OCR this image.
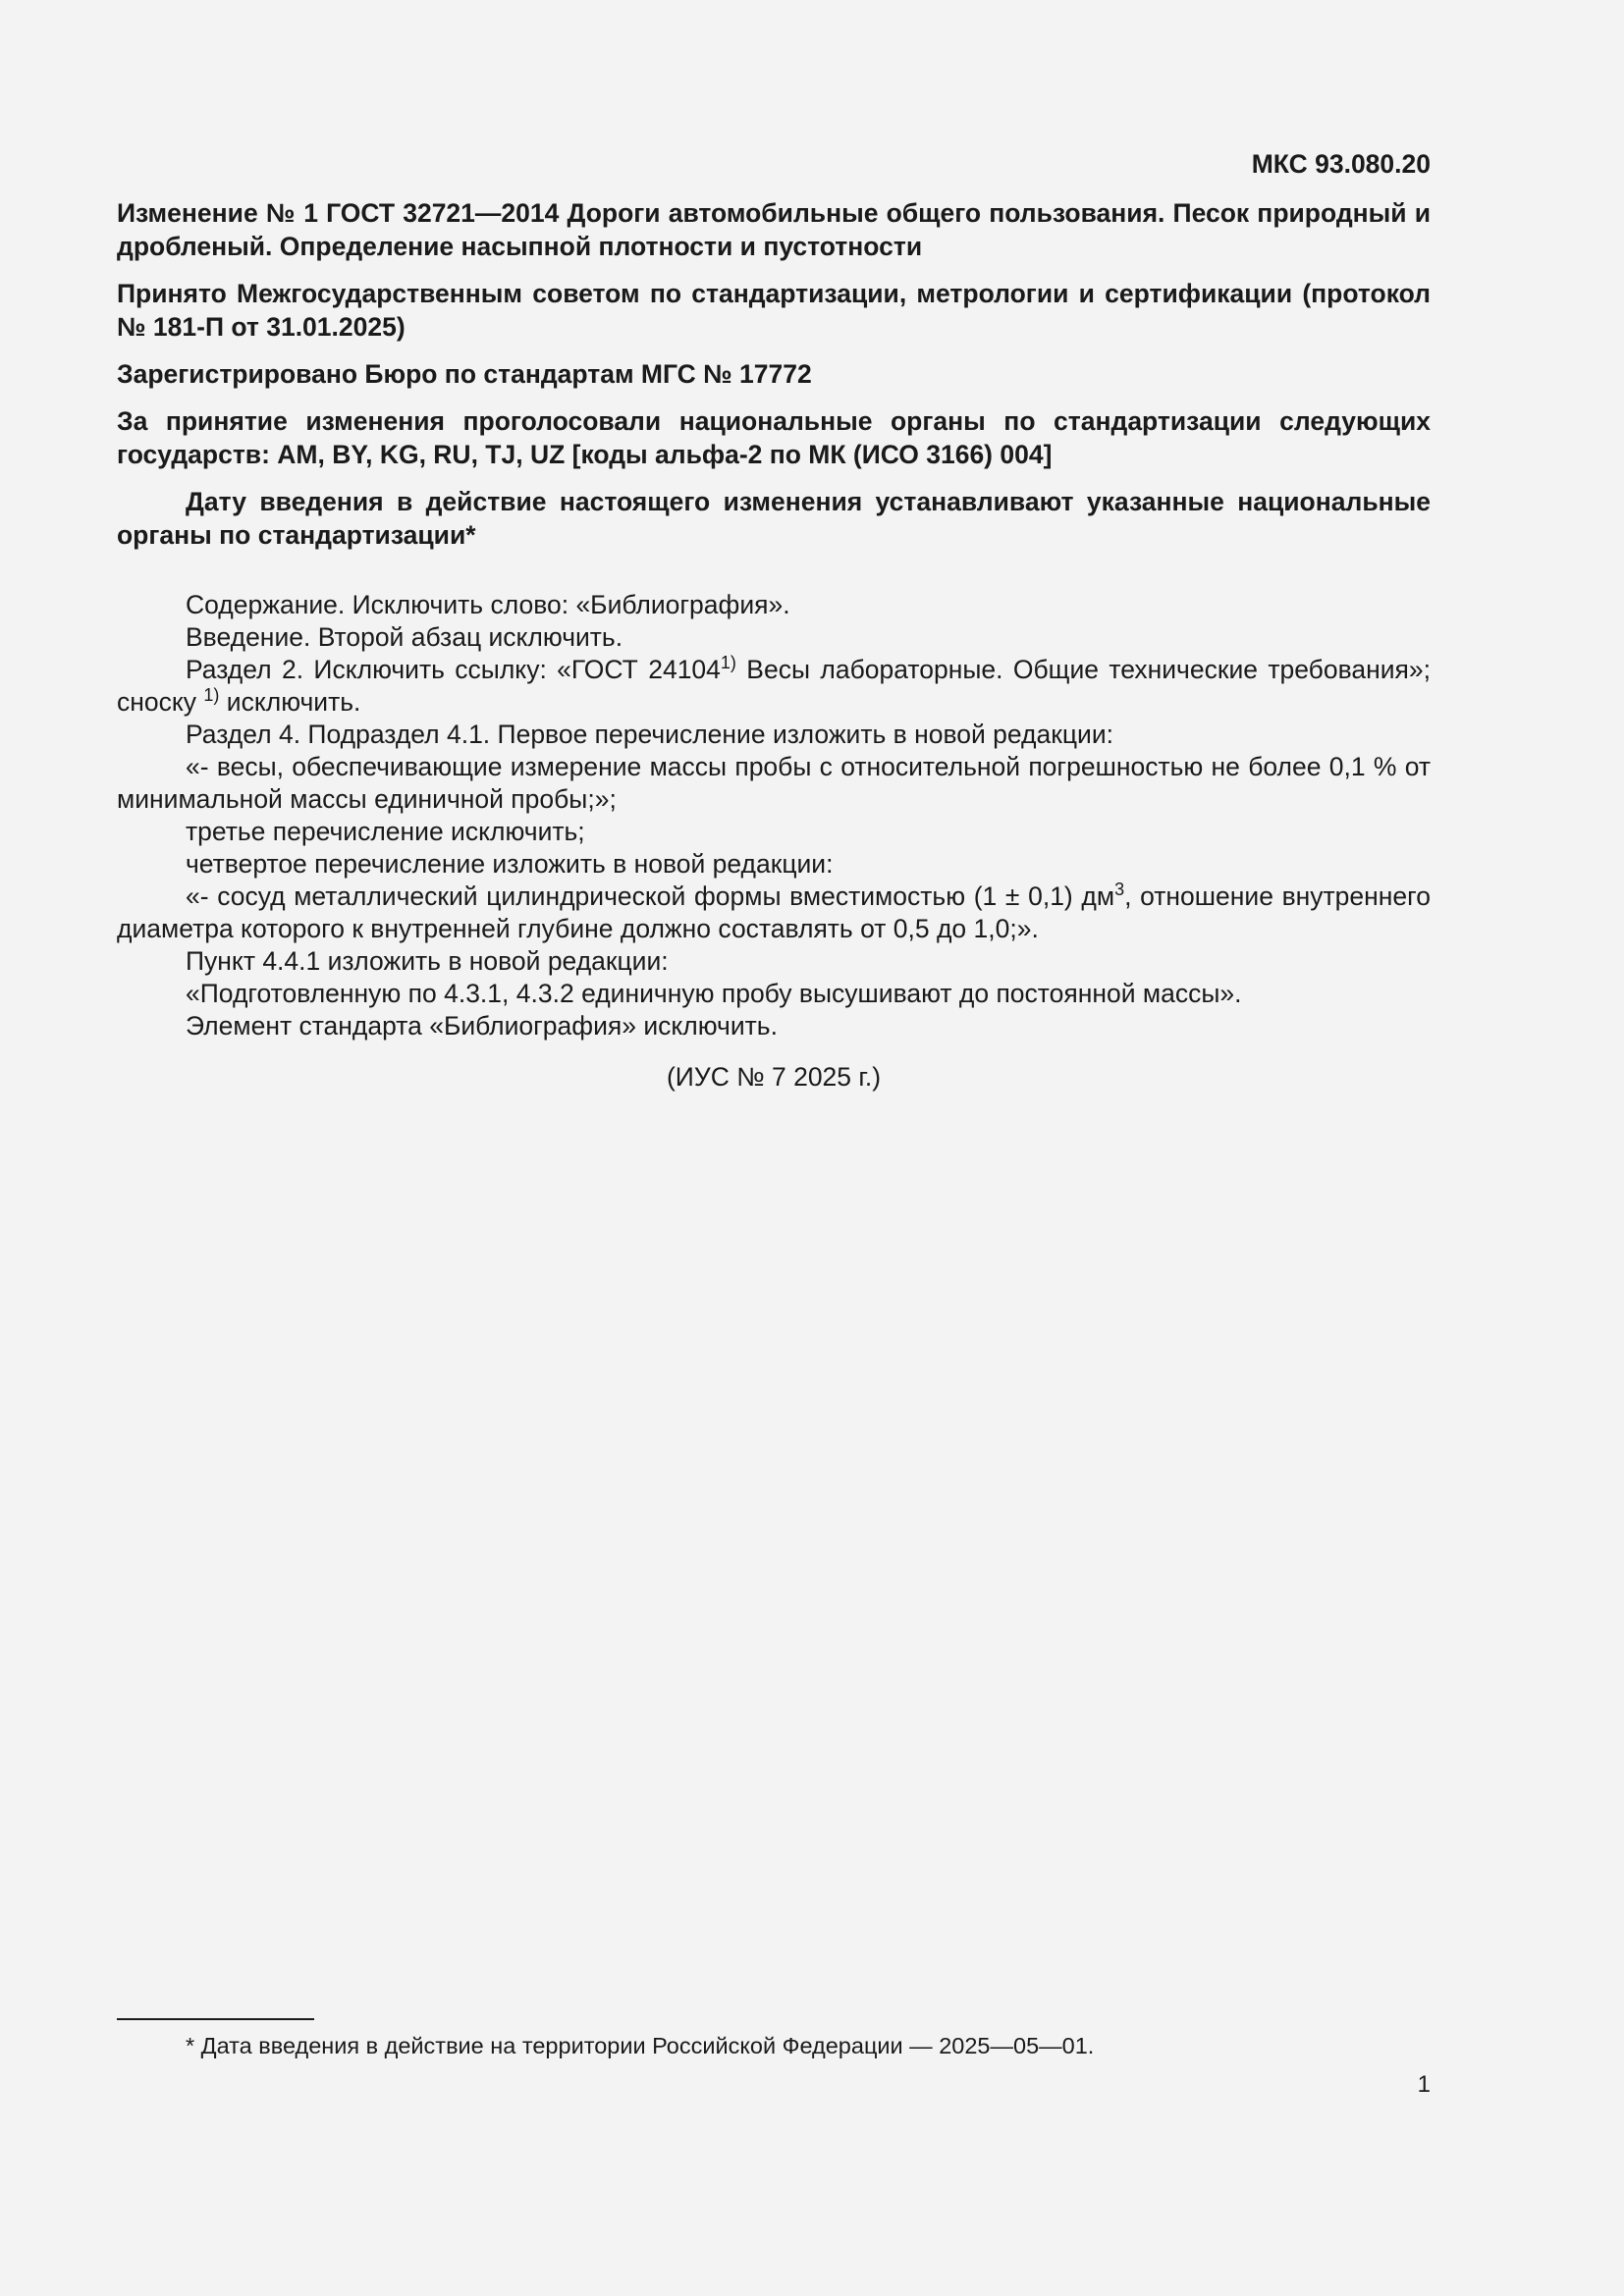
МКС 93.080.20

Изменение № 1 ГОСТ 32721—2014 Дороги автомобильные общего пользования. Песок природный и дробленый. Определение насыпной плотности и пустотности

Принято Межгосударственным советом по стандартизации, метрологии и сертификации (протокол № 181-П от 31.01.2025)

Зарегистрировано Бюро по стандартам МГС № 17772

За принятие изменения проголосовали национальные органы по стандартизации следующих государств: AM, BY, KG, RU, TJ, UZ [коды альфа-2 по МК (ИСО 3166) 004]

Дату введения в действие настоящего изменения устанавливают указанные национальные органы по стандартизации*

Содержание. Исключить слово: «Библиография».

Введение. Второй абзац исключить.

Раздел 2. Исключить ссылку: «ГОСТ 24104$^{1)}$ Весы лабораторные. Общие технические требования»; сноску $^{1)}$ исключить.

Раздел 4. Подраздел 4.1. Первое перечисление изложить в новой редакции:

«- весы, обеспечивающие измерение массы пробы с относительной погрешностью не более 0,1 % от минимальной массы единичной пробы;»;

третье перечисление исключить;

четвертое перечисление изложить в новой редакции:

«- сосуд металлический цилиндрической формы вместимостью (1 ± 0,1) $дм^3$, отношение внутреннего диаметра которого к внутренней глубине должно составлять от 0,5 до 1,0;».

Пункт 4.4.1 изложить в новой редакции:

«Подготовленную по 4.3.1, 4.3.2 единичную пробу высушивают до постоянной массы».

Элемент стандарта «Библиография» исключить.

(ИУС № 7 2025 г.)

* Дата введения в действие на территории Российской Федерации — 2025—05—01.
1
